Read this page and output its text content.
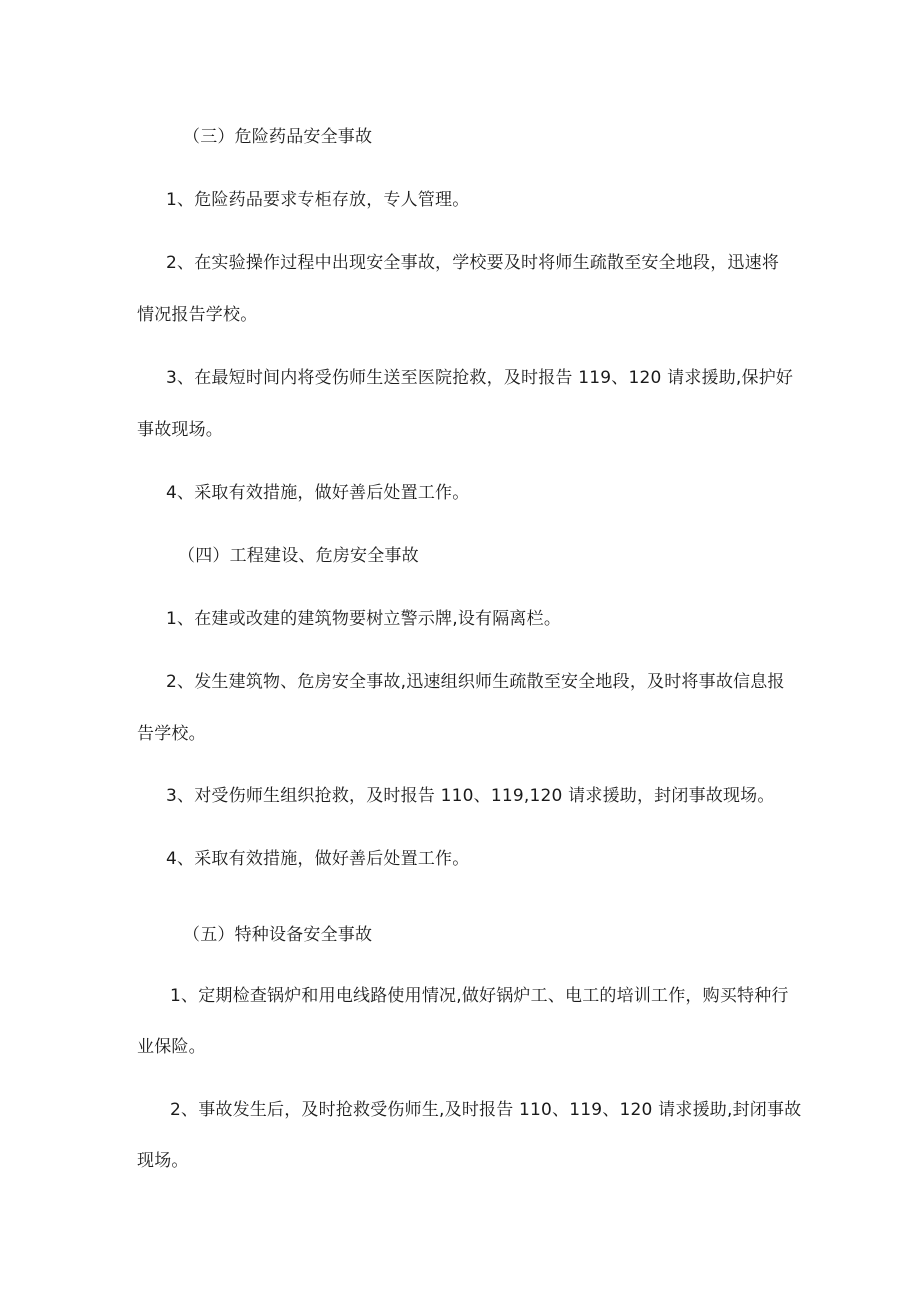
（三）危险药品安全事故
1、危险药品要求专柜存放，专人管理。
2、在实验操作过程中出现安全事故，学校要及时将师生疏散至安全地段，迅速将
情况报告学校。
3、在最短时间内将受伤师生送至医院抢救，及时报告 119、120 请求援助,保护好
事故现场。
4、采取有效措施，做好善后处置工作。
（四）工程建设、危房安全事故
1、在建或改建的建筑物要树立警示牌,设有隔离栏。
2、发生建筑物、危房安全事故,迅速组织师生疏散至安全地段，及时将事故信息报
告学校。
3、对受伤师生组织抢救，及时报告 110、119,120 请求援助，封闭事故现场。
4、采取有效措施，做好善后处置工作。
（五）特种设备安全事故
1、定期检查锅炉和用电线路使用情况,做好锅炉工、电工的培训工作，购买特种行
业保险。
2、事故发生后，及时抢救受伤师生,及时报告 110、119、120 请求援助,封闭事故
现场。
